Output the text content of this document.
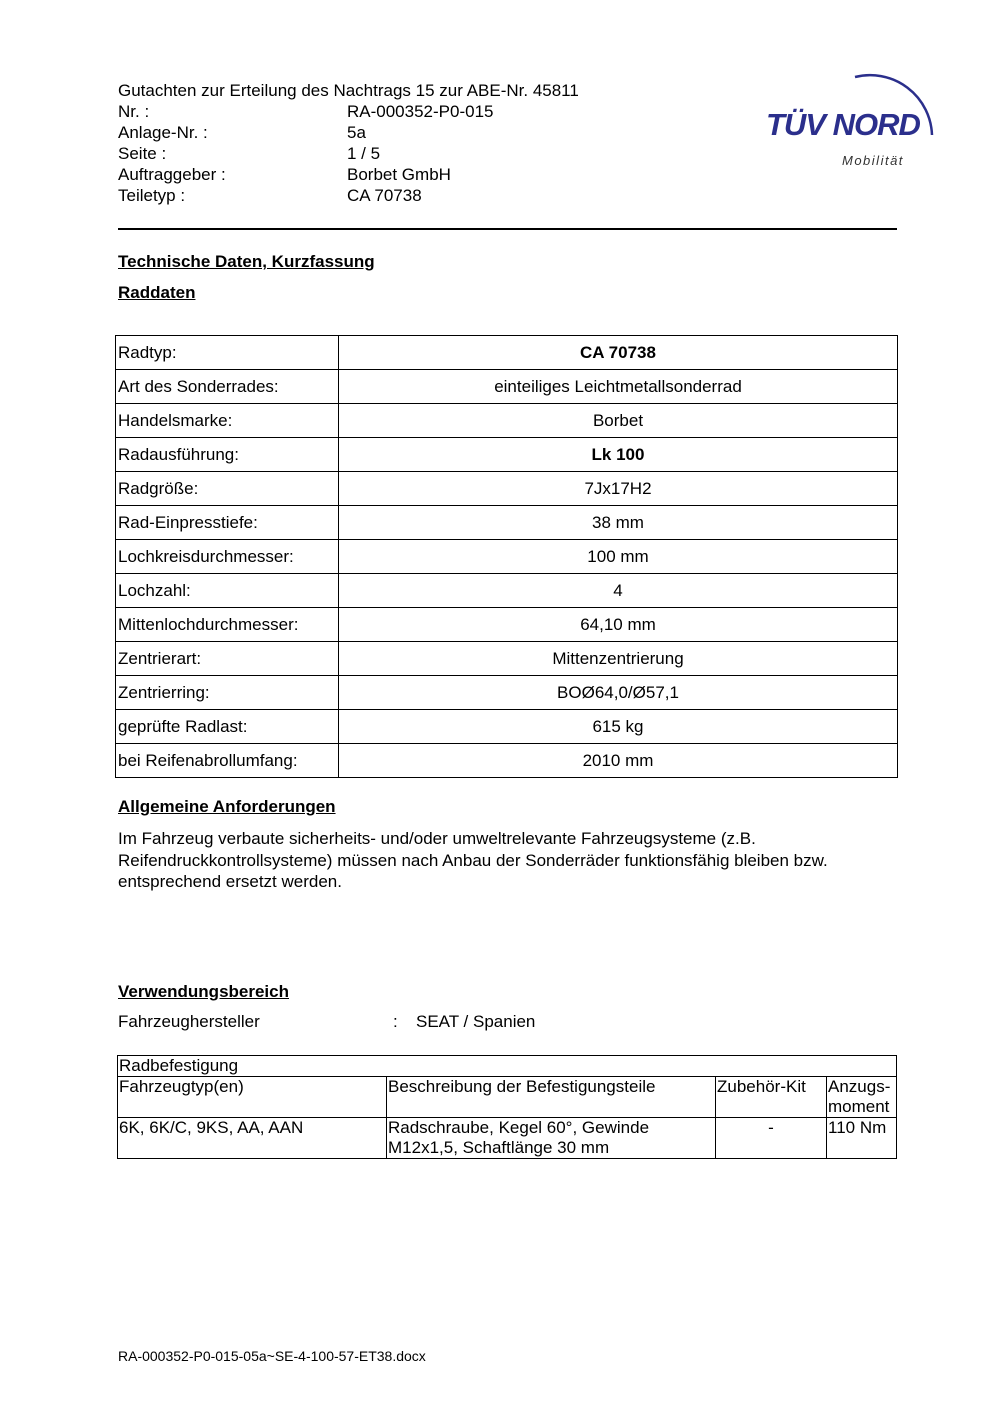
Gutachten zur Erteilung des Nachtrags 15 zur ABE-Nr. 45811
Nr. :	RA-000352-P0-015
Anlage-Nr. :	5a
Seite :	1 / 5
Auftraggeber :	Borbet GmbH
Teiletyp :	CA 70738
TÜV NORD
Mobilität
Technische Daten, Kurzfassung
Raddaten
Radtyp:	CA 70738
Art des Sonderrades:	einteiliges Leichtmetallsonderrad
Handelsmarke:	Borbet
Radausführung:	Lk 100
Radgröße:	7Jx17H2
Rad-Einpresstiefe:	38 mm
Lochkreisdurchmesser:	100 mm
Lochzahl:	4
Mittenlochdurchmesser:	64,10 mm
Zentrierart:	Mittenzentrierung
Zentrierring:	BOØ64,0/Ø57,1
geprüfte Radlast:	615 kg
bei Reifenabrollumfang:	2010 mm
Allgemeine Anforderungen
Im Fahrzeug verbaute sicherheits- und/oder umweltrelevante Fahrzeugsysteme (z.B. Reifendruckkontrollsysteme) müssen nach Anbau der Sonderräder funktionsfähig bleiben bzw. entsprechend ersetzt werden.
Verwendungsbereich
Fahrzeughersteller	:	SEAT / Spanien
Radbefestigung			
Fahrzeugtyp(en)	Beschreibung der Befestigungsteile	Zubehör-Kit	Anzugs-
moment
6K, 6K/C, 9KS, AA, AAN	Radschraube, Kegel 60°, Gewinde M12x1,5, Schaftlänge 30 mm	-	110 Nm
RA-000352-P0-015-05a~SE-4-100-57-ET38.docx
